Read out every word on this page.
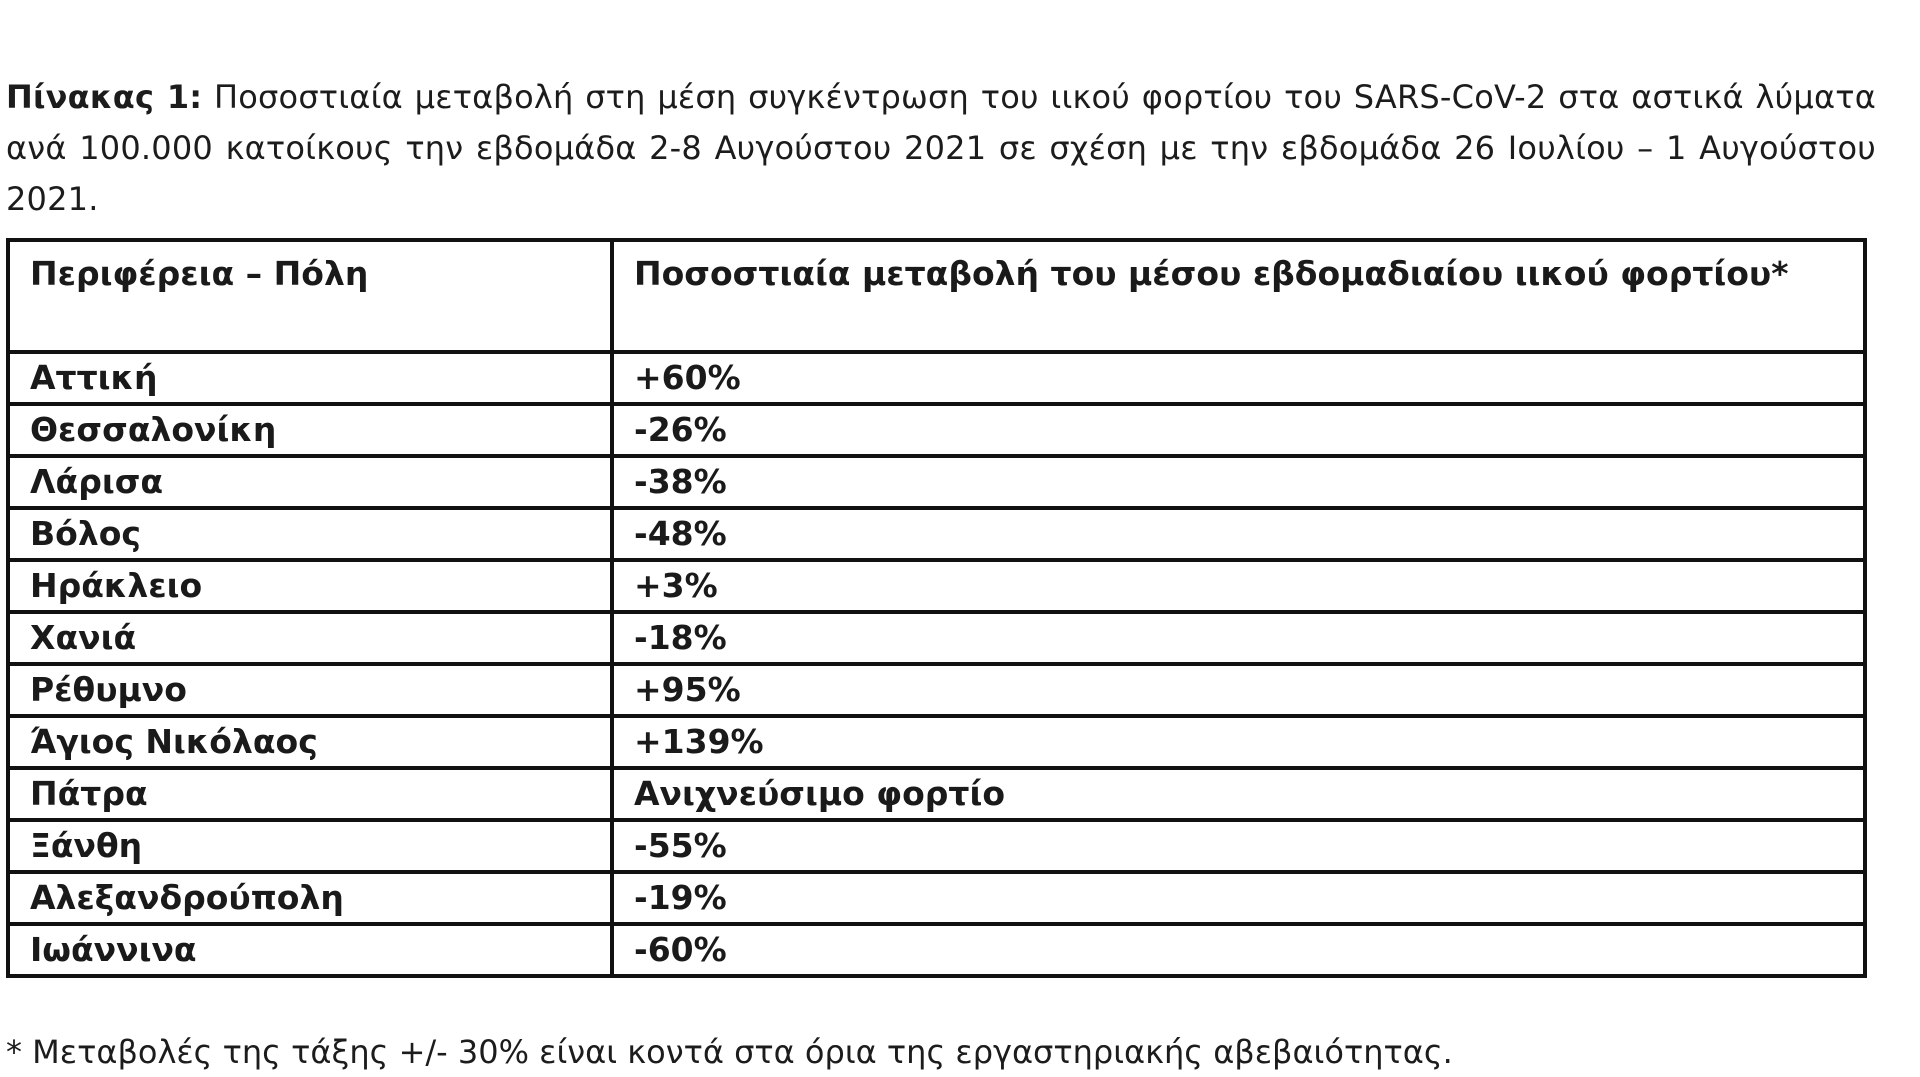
Πίνακας 1: Ποσοστιαία μεταβολή στη μέση συγκέντρωση του ιικού φορτίου του SARS-CoV-2 στα αστικά λύματα ανά 100.000 κατοίκους την εβδομάδα 2-8 Αυγούστου 2021 σε σχέση με την εβδομάδα 26 Ιουλίου – 1 Αυγούστου 2021.

Περιφέρεια – Πόλη	Ποσοστιαία μεταβολή του μέσου εβδομαδιαίου ιικού φορτίου*
Αττική	+60%
Θεσσαλονίκη	-26%
Λάρισα	-38%
Βόλος	-48%
Ηράκλειο	+3%
Χανιά	-18%
Ρέθυμνο	+95%
Άγιος Νικόλαος	+139%
Πάτρα	Ανιχνεύσιμο φορτίο
Ξάνθη	-55%
Αλεξανδρούπολη	-19%
Ιωάννινα	-60%

* Μεταβολές της τάξης +/- 30% είναι κοντά στα όρια της εργαστηριακής αβεβαιότητας.
